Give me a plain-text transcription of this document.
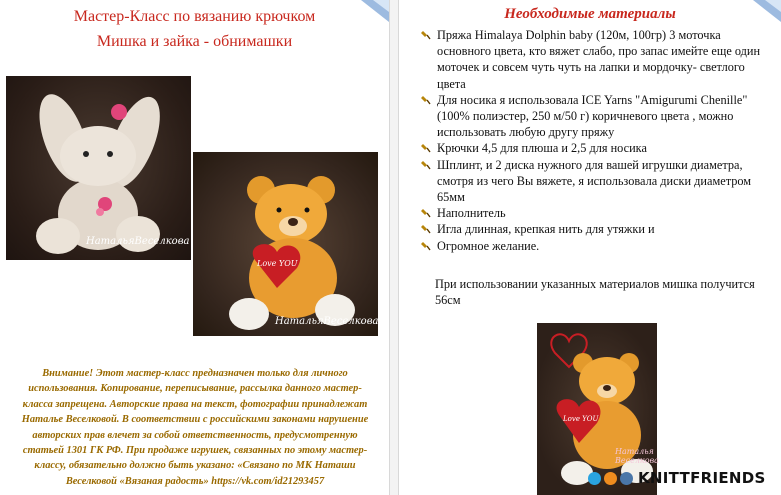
Мастер-Класс по вязанию крючком
Мишка и зайка - обнимашки
НатальяВеселкова
Love YOU
НатальяВеселкова
Внимание! Этот мастер-класс предназначен только для личного использования. Копирование, переписывание, рассылка данного мастер-класса запрещена. Авторские права на текст, фотографии принадлежат Наталье Веселковой. В соответствии с российскими законами нарушение авторских прав влечет за собой ответственность, предусмотренную статьей 1301 ГК РФ. При продаже игрушек, связанных по этому мастер-классу, обязательно должно быть указано: «Связано по МК Наташи Веселковой «Вязаная радость» https://vk.com/id21293457
Необходимые материалы
Пряжа Himalaya Dolphin baby (120м, 100гр) 3 моточка основного цвета, кто вяжет слабо, про запас имейте еще один моточек и совсем чуть чуть на лапки и мордочку- светлого цвета
Для носика я использовала ICE Yarns "Amigurumi Chenille"(100% полиэстер, 250 м/50 г) коричневого цвета , можно использовать любую другу пряжу
Крючки 4,5 для плюша и 2,5 для носика
Шплинт, и 2 диска нужного для вашей игрушки диаметра, смотря из чего Вы вяжете, я использовала диски диаметром 65мм
Наполнитель
Игла длинная, крепкая нить для утяжки и
Огромное желание.
При использовании указанных материалов мишка получится 56см
Love YOU
Наталья
Веселкова
KNITTFRIENDS
